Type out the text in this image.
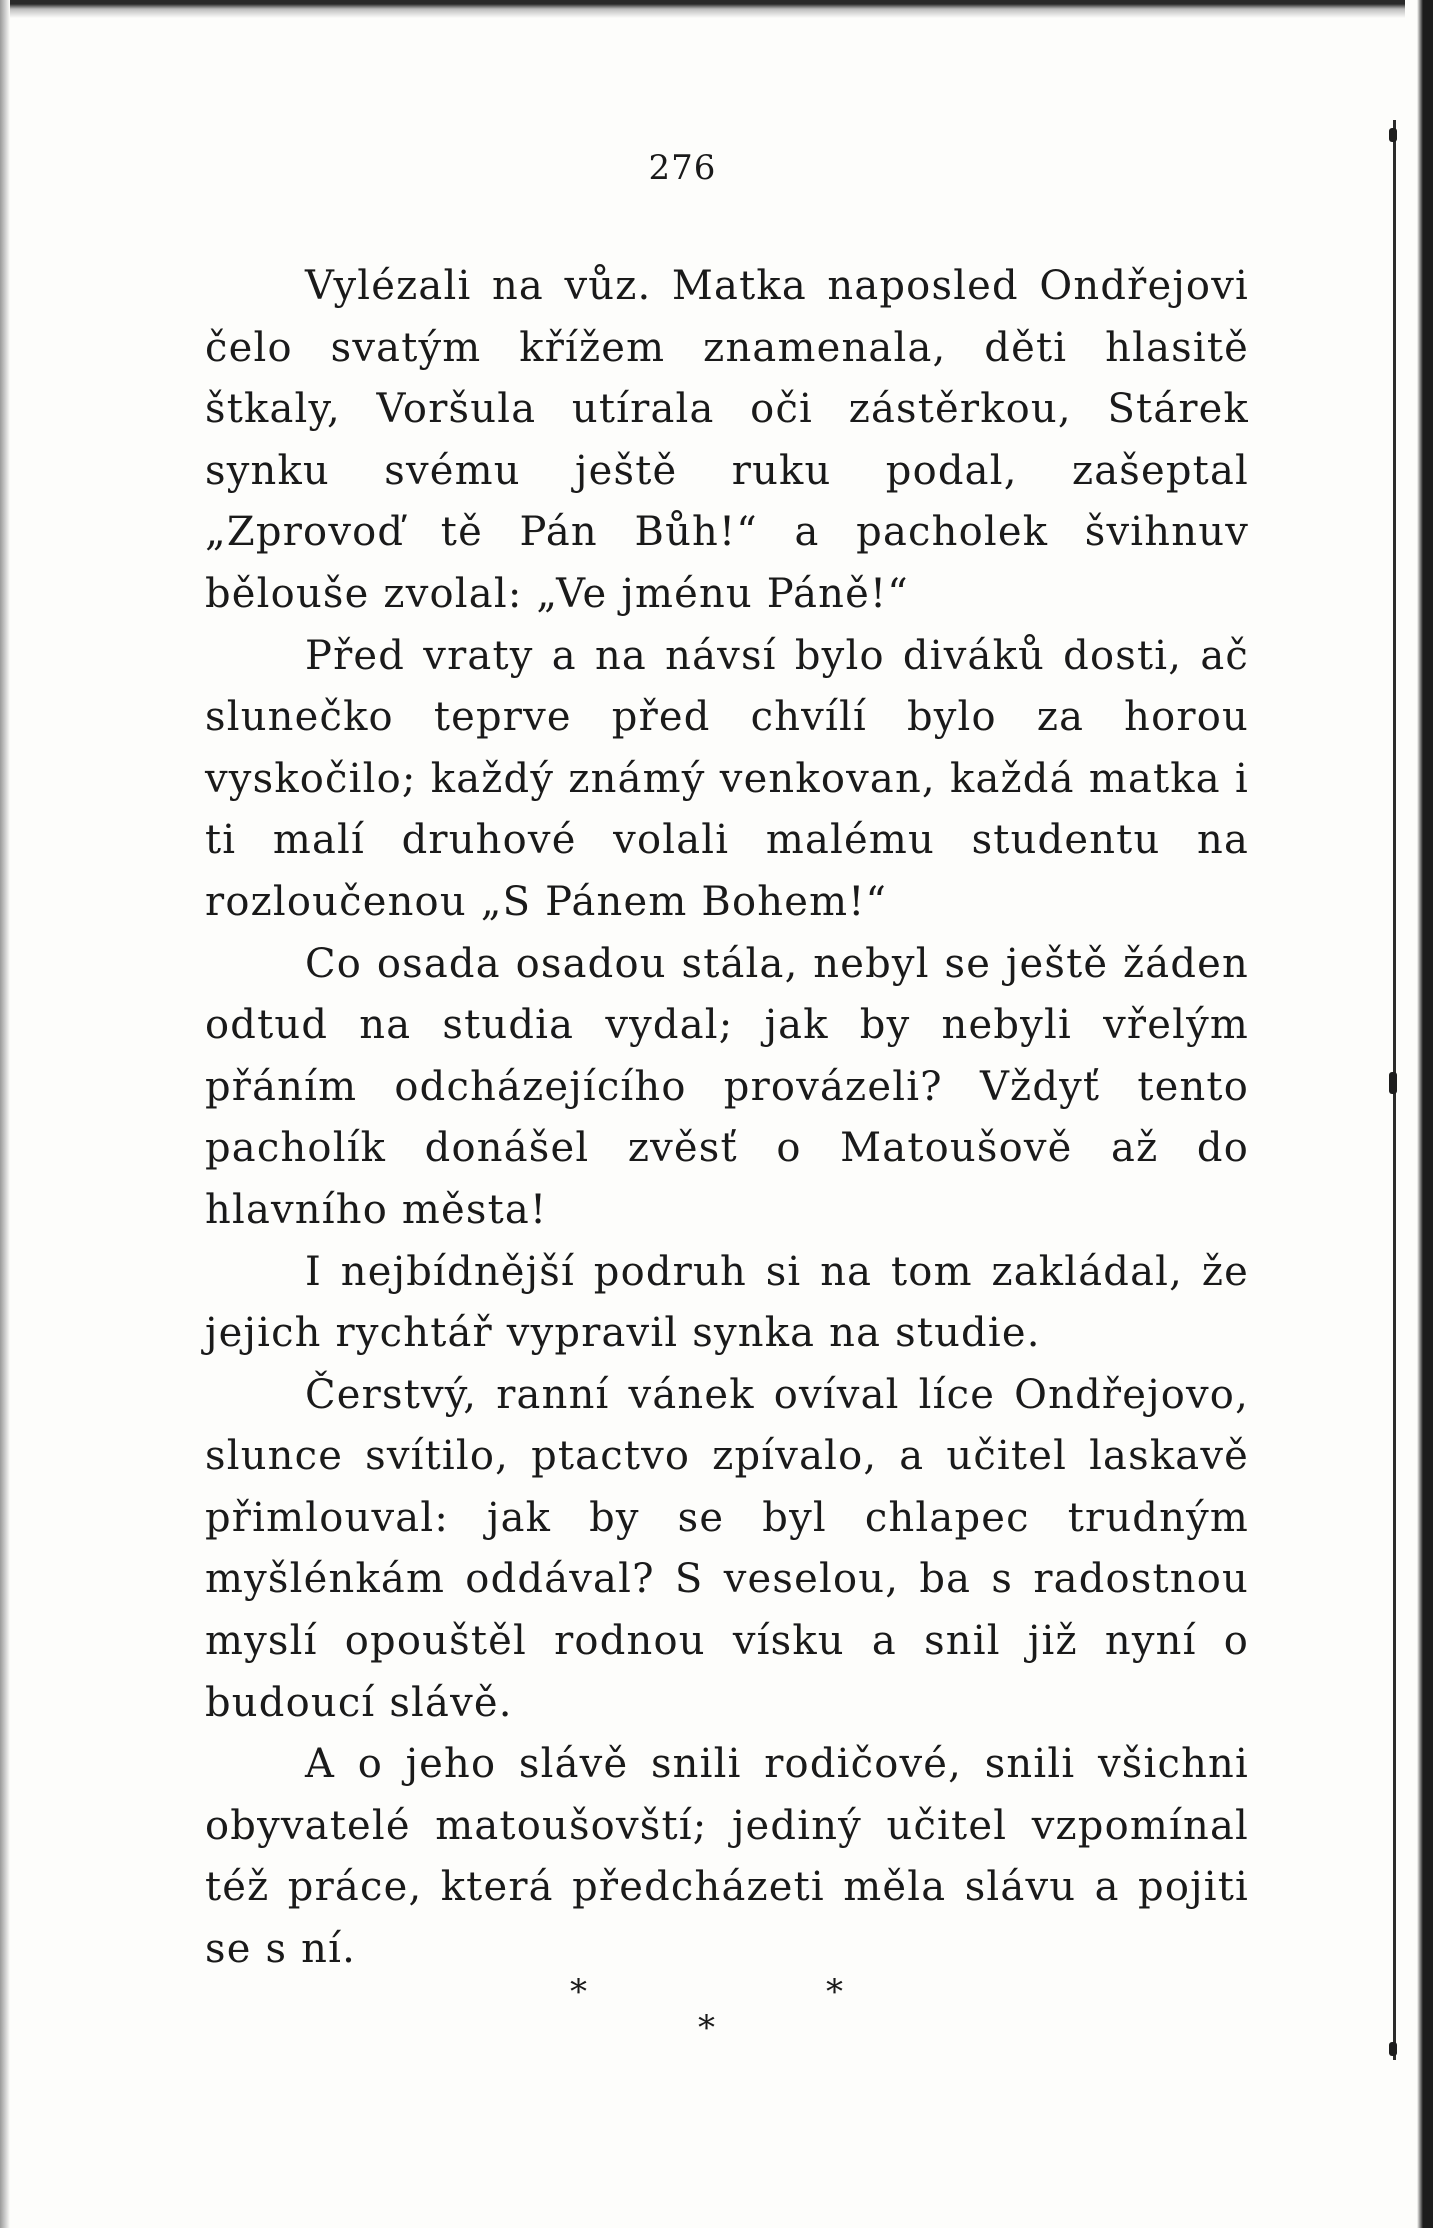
276

Vylézali na vůz. Matka naposled Ondřejovi čelo svatým křížem znamenala, děti hlasitě štkaly, Voršula utírala oči zástěrkou, Stárek synku svému ještě ruku podal, zašeptal „Zprovoď tě Pán Bůh!“ a pacholek švihnuv bělouše zvolal: „Ve jménu Páně!“

Před vraty a na návsí bylo diváků dosti, ač slunečko teprve před chvílí bylo za horou vyskočilo; každý známý venkovan, každá matka i ti malí druhové volali malému studentu na rozloučenou „S Pánem Bohem!“

Co osada osadou stála, nebyl se ještě žáden odtud na studia vydal; jak by nebyli vřelým přáním odcházejícího provázeli? Vždyť tento pacholík donášel zvěsť o Matoušově až do hlavního města!

I nejbídnější podruh si na tom zakládal, že jejich rychtář vypravil synka na studie.

Čerstvý, ranní vánek ovíval líce Ondřejovo, slunce svítilo, ptactvo zpívalo, a učitel laskavě přimlouval: jak by se byl chlapec trudným myšlénkám oddával? S veselou, ba s radostnou myslí opouštěl rodnou vísku a snil již nyní o budoucí slávě.

A o jeho slávě snili rodičové, snili všichni obyvatelé matoušovští; jediný učitel vzpomínal též práce, která předcházeti měla slávu a pojiti se s ní.

*
*
*
